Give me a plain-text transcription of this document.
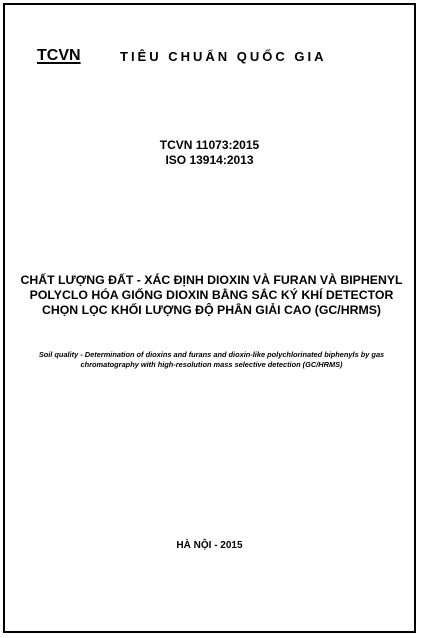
TCVN	TIÊU CHUẨN QUỐC GIA
TCVN 11073:2015
ISO 13914:2013
CHẤT LƯỢNG ĐẤT - XÁC ĐỊNH DIOXIN VÀ FURAN VÀ BIPHENYL POLYCLO HÓA GIỐNG DIOXIN BẰNG SẮC KÝ KHÍ DETECTOR CHỌN LỌC KHỐI LƯỢNG ĐỘ PHÂN GIẢI CAO (GC/HRMS)
Soil quality - Determination of dioxins and furans and dioxin-like polychlorinated biphenyls by gas chromatography with high-resolution mass selective detection (GC/HRMS)
HÀ NỘI - 2015
